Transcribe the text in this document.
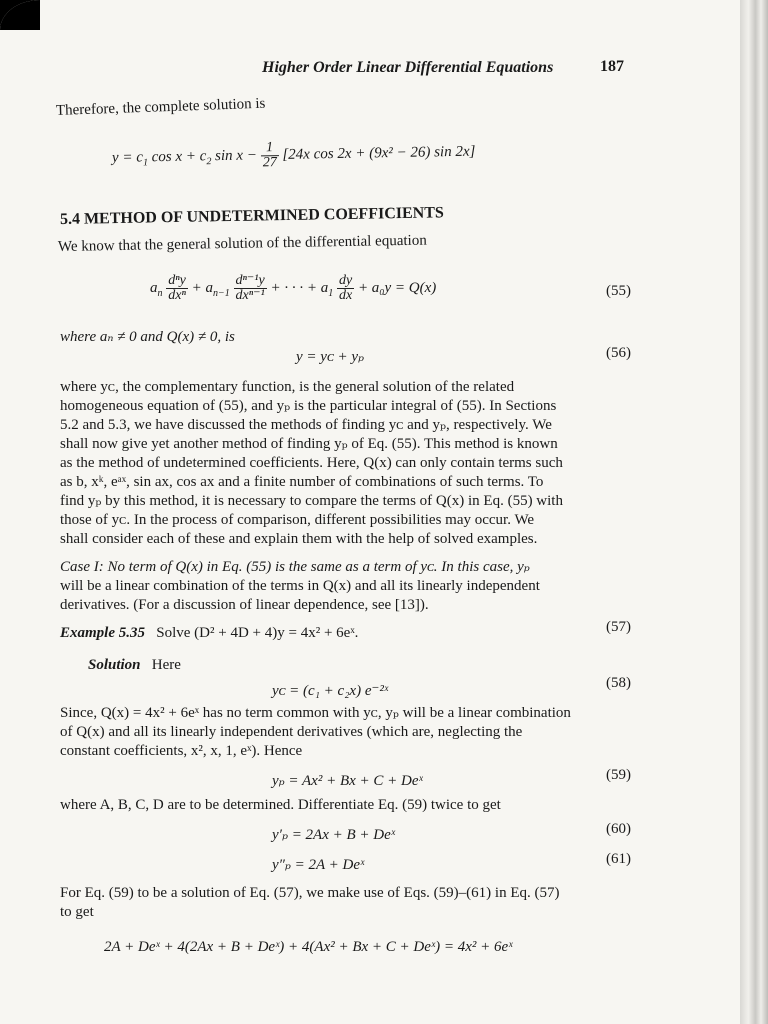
Higher Order Linear Differential Equations	187
Therefore, the complete solution is
$y = c_1$ $\cos x + c_2$ $\sin x - \frac{1}{27} [24x$ cos 2x + (9x² − 26) sin 2x]
5.4 METHOD OF UNDETERMINED COEFFICIENTS
We know that the general solution of the differential equation
$a_n \frac{\text{dⁿy}}{\text{dxⁿ}} + a_{n-1} \frac{\text{dⁿ⁻¹y}}{\text{dxⁿ⁻¹}}$ + · · · + $a_1 \frac{dy}{dx} + a_0y = Q(x)$	(55)
where aₙ ≠ 0 and Q(x) ≠ 0, is
y = yᴄ + yₚ	(56)
where yᴄ, the complementary function, is the general solution of the related
homogeneous equation of (55), and yₚ is the particular integral of (55). In Sections
5.2 and 5.3, we have discussed the methods of finding yᴄ and yₚ, respectively. We
shall now give yet another method of finding yₚ of Eq. (55). This method is known
as the method of undetermined coefficients. Here, Q(x) can only contain terms such
as b, xᵏ, eᵃˣ, sin ax, cos ax and a finite number of combinations of such terms. To
find yₚ by this method, it is necessary to compare the terms of Q(x) in Eq. (55) with
those of yᴄ. In the process of comparison, different possibilities may occur. We
shall consider each of these and explain them with the help of solved examples.
Case I: No term of Q(x) in Eq. (55) is the same as a term of yᴄ. In this case, yₚ
will be a linear combination of the terms in Q(x) and all its linearly independent
derivatives. (For a discussion of linear dependence, see [13]).
Example 5.35 Solve (D² + 4D + 4)y = 4x² + 6eˣ.	(57)
Solution Here
yᴄ = (c₁ + c₂x) e⁻²ˣ	(58)
Since, Q(x) = 4x² + 6eˣ has no term common with yᴄ, yₚ will be a linear combination
of Q(x) and all its linearly independent derivatives (which are, neglecting the
constant coefficients, x², x, 1, eˣ). Hence
yₚ = Ax² + Bx + C + Deˣ	(59)
where A, B, C, D are to be determined. Differentiate Eq. (59) twice to get
y′ₚ = 2Ax + B + Deˣ	(60)
y″ₚ = 2A + Deˣ	(61)
For Eq. (59) to be a solution of Eq. (57), we make use of Eqs. (59)–(61) in Eq. (57)
to get
2A + Deˣ + 4(2Ax + B + Deˣ) + 4(Ax² + Bx + C + Deˣ) = 4x² + 6eˣ
